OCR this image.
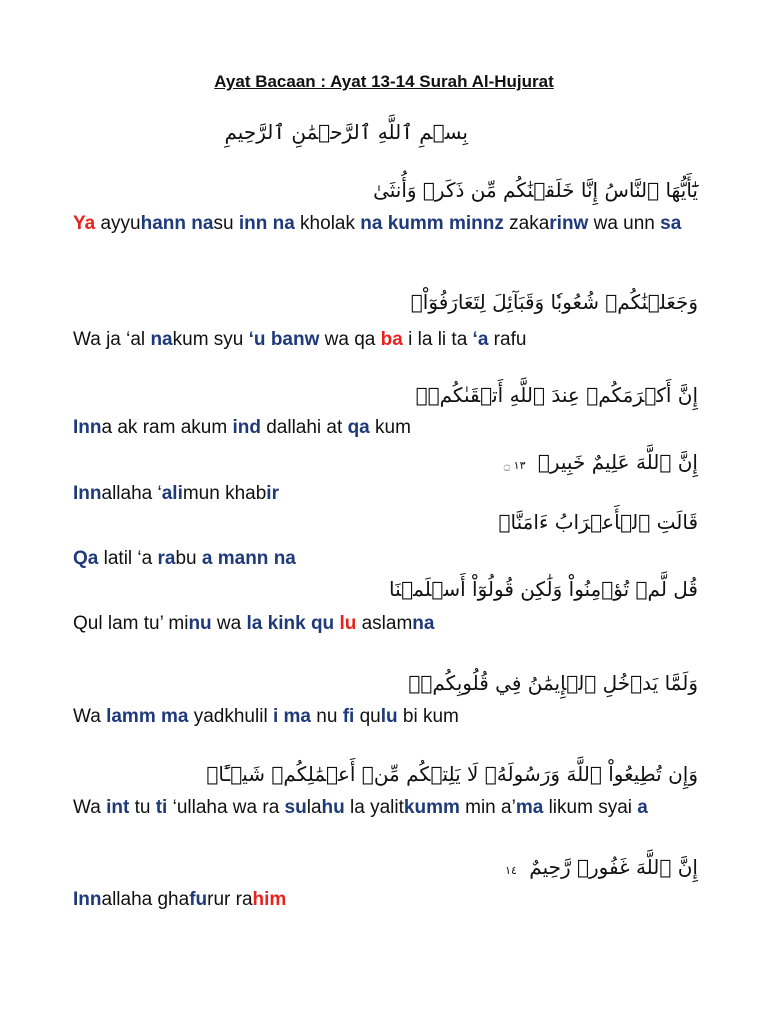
Ayat Bacaan : Ayat 13-14 Surah Al-Hujurat
بِسۡمِ ٱللَّهِ ٱلرَّحۡمَٰنِ ٱلرَّحِيمِ
يَٰٓأَيُّهَا ٱلنَّاسُ إِنَّا خَلَقۡنَٰكُم مِّن ذَكَرٖ وَأُنثَىٰ
Ya ayyuhann nasu inn na kholak na kumm minnz zakarinw wa unn sa
وَجَعَلۡنَٰكُمۡ شُعُوبٗا وَقَبَآئِلَ لِتَعَارَفُوٓاْۚ
Wa ja ‘al nakum syu ‘u banw wa qa ba i la li ta ‘a rafu
إِنَّ أَكۡرَمَكُمۡ عِندَ ٱللَّهِ أَتۡقَىٰكُمۡۚ
Inna ak ram akum ind dallahi at qa kum
إِنَّ ٱللَّهَ عَلِيمٌ خَبِيرٞ ١٣ ۝
Innallaha ‘alimun khabir
قَالَتِ ٱلۡأَعۡرَابُ ءَامَنَّاۖ
Qa latil ‘a rabu a mann na
قُل لَّمۡ تُؤۡمِنُواْ وَلَٰكِن قُولُوٓاْ أَسۡلَمۡنَا
Qul lam tu’ minu wa la kink qu lu aslamna
وَلَمَّا يَدۡخُلِ ٱلۡإِيمَٰنُ فِي قُلُوبِكُمۡۖ
Wa lamm ma yadkhulil i ma nu fi qulu bi kum
وَإِن تُطِيعُواْ ٱللَّهَ وَرَسُولَهُۥ لَا يَلِتۡكُم مِّنۡ أَعۡمَٰلِكُمۡ شَيۡـًٔاۚ
Wa int tu ti ‘ullaha wa ra sulahu la yalitkumm min a’ma likum syai a
إِنَّ ٱللَّهَ غَفُورٞ رَّحِيمٌ ١٤
Innallaha ghafurur rahim
